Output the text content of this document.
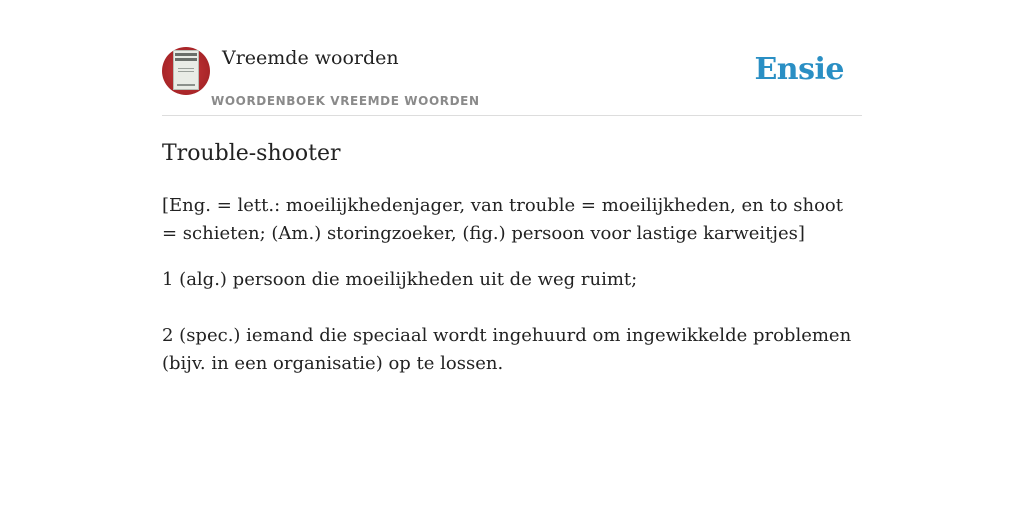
Vreemde woorden
WOORDENBOEK VREEMDE WOORDEN
Ensie
Trouble-shooter

[Eng. = lett.: moeilijkhedenjager, van trouble = moeilijkheden, en to shoot = schieten; (Am.) storingzoeker, (fig.) persoon voor lastige karweitjes]

1 (alg.) persoon die moeilijkheden uit de weg ruimt;

2 (spec.) iemand die speciaal wordt ingehuurd om ingewikkelde problemen (bijv. in een organisatie) op te lossen.
